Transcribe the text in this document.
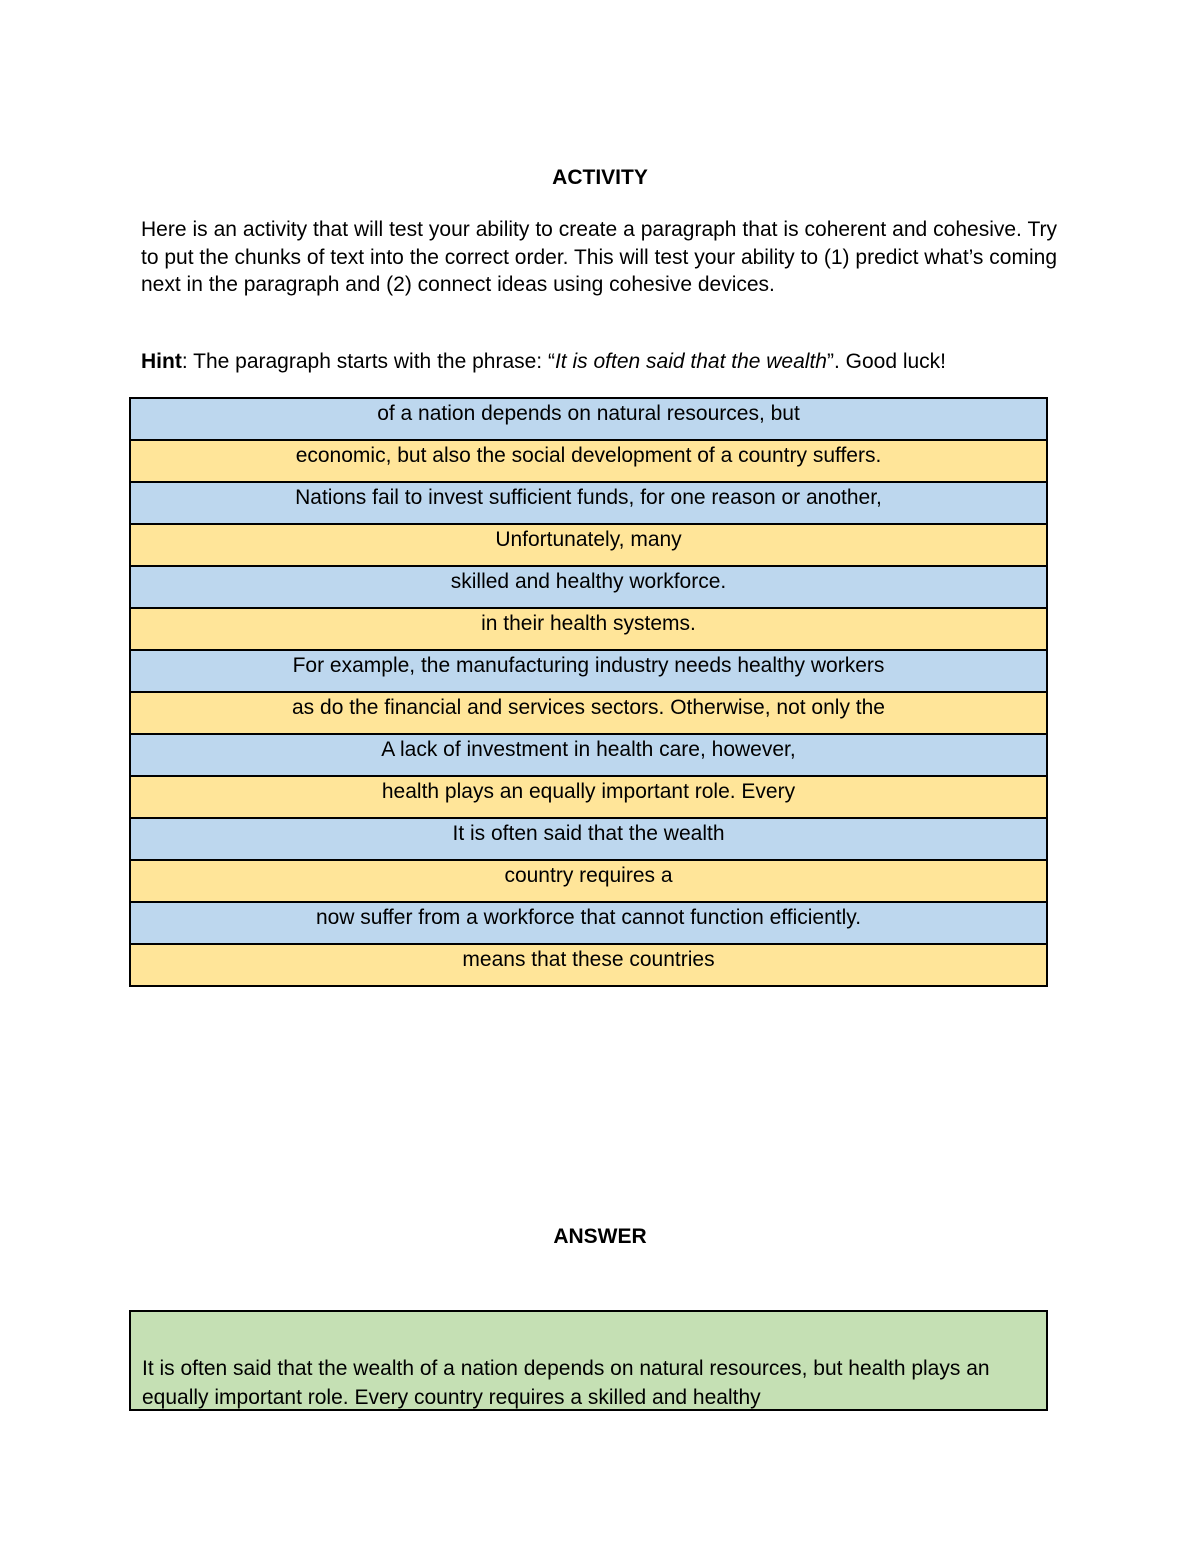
ACTIVITY
Here is an activity that will test your ability to create a paragraph that is coherent and cohesive. Try to put the chunks of text into the correct order. This will test your ability to (1) predict what’s coming next in the paragraph and (2) connect ideas using cohesive devices.
Hint: The paragraph starts with the phrase: “It is often said that the wealth”. Good luck!
of a nation depends on natural resources, but
economic, but also the social development of a country suffers.
Nations fail to invest sufficient funds, for one reason or another,
Unfortunately, many
skilled and healthy workforce.
in their health systems.
For example, the manufacturing industry needs healthy workers
as do the financial and services sectors. Otherwise, not only the
A lack of investment in health care, however,
health plays an equally important role. Every
It is often said that the wealth
country requires a
now suffer from a workforce that cannot function efficiently.
means that these countries
ANSWER
It is often said that the wealth of a nation depends on natural resources, but health plays an equally important role. Every country requires a skilled and healthy
